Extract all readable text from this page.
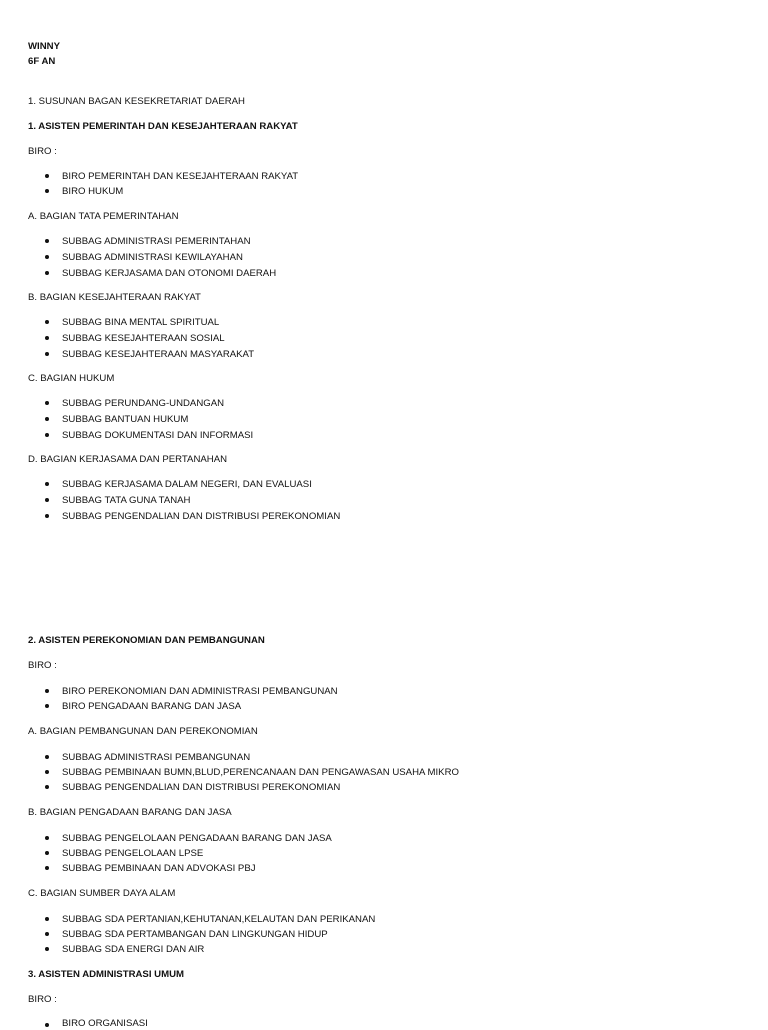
WINNY
6F AN
1. SUSUNAN BAGAN KESEKRETARIAT DAERAH
1. ASISTEN PEMERINTAH DAN KESEJAHTERAAN RAKYAT
BIRO :
BIRO PEMERINTAH DAN KESEJAHTERAAN RAKYAT
BIRO HUKUM
A. BAGIAN TATA PEMERINTAHAN
SUBBAG ADMINISTRASI PEMERINTAHAN
SUBBAG ADMINISTRASI KEWILAYAHAN
SUBBAG KERJASAMA DAN OTONOMI DAERAH
B. BAGIAN KESEJAHTERAAN RAKYAT
SUBBAG BINA MENTAL SPIRITUAL
SUBBAG KESEJAHTERAAN SOSIAL
SUBBAG KESEJAHTERAAN MASYARAKAT
C. BAGIAN HUKUM
SUBBAG PERUNDANG-UNDANGAN
SUBBAG BANTUAN HUKUM
SUBBAG DOKUMENTASI DAN INFORMASI
D. BAGIAN KERJASAMA DAN PERTANAHAN
SUBBAG KERJASAMA DALAM NEGERI, DAN EVALUASI
SUBBAG TATA GUNA TANAH
SUBBAG PENGENDALIAN DAN DISTRIBUSI PEREKONOMIAN
2. ASISTEN PEREKONOMIAN DAN PEMBANGUNAN
BIRO :
BIRO PEREKONOMIAN DAN ADMINISTRASI PEMBANGUNAN
BIRO PENGADAAN BARANG DAN JASA
A. BAGIAN PEMBANGUNAN DAN PEREKONOMIAN
SUBBAG ADMINISTRASI PEMBANGUNAN
SUBBAG PEMBINAAN BUMN,BLUD,PERENCANAAN DAN PENGAWASAN USAHA MIKRO
SUBBAG PENGENDALIAN DAN DISTRIBUSI PEREKONOMIAN
B. BAGIAN PENGADAAN BARANG DAN JASA
SUBBAG PENGELOLAAN PENGADAAN BARANG DAN JASA
SUBBAG PENGELOLAAN LPSE
SUBBAG PEMBINAAN DAN ADVOKASI PBJ
C. BAGIAN SUMBER DAYA ALAM
SUBBAG SDA PERTANIAN,KEHUTANAN,KELAUTAN DAN PERIKANAN
SUBBAG SDA PERTAMBANGAN DAN LINGKUNGAN HIDUP
SUBBAG SDA ENERGI DAN AIR
3. ASISTEN ADMINISTRASI UMUM
BIRO :
BIRO ORGANISASI
